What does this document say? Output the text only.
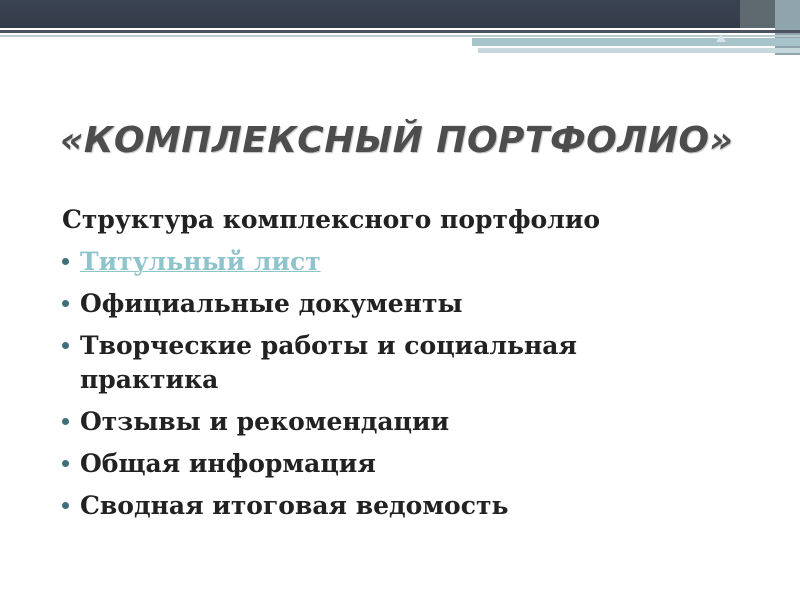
«КОМПЛЕКСНЫЙ ПОРТФОЛИО»
Структура комплексного портфолио
Титульный лист
Официальные документы
Творческие работы и социальная практика
Отзывы и рекомендации
Общая информация
Сводная итоговая ведомость
